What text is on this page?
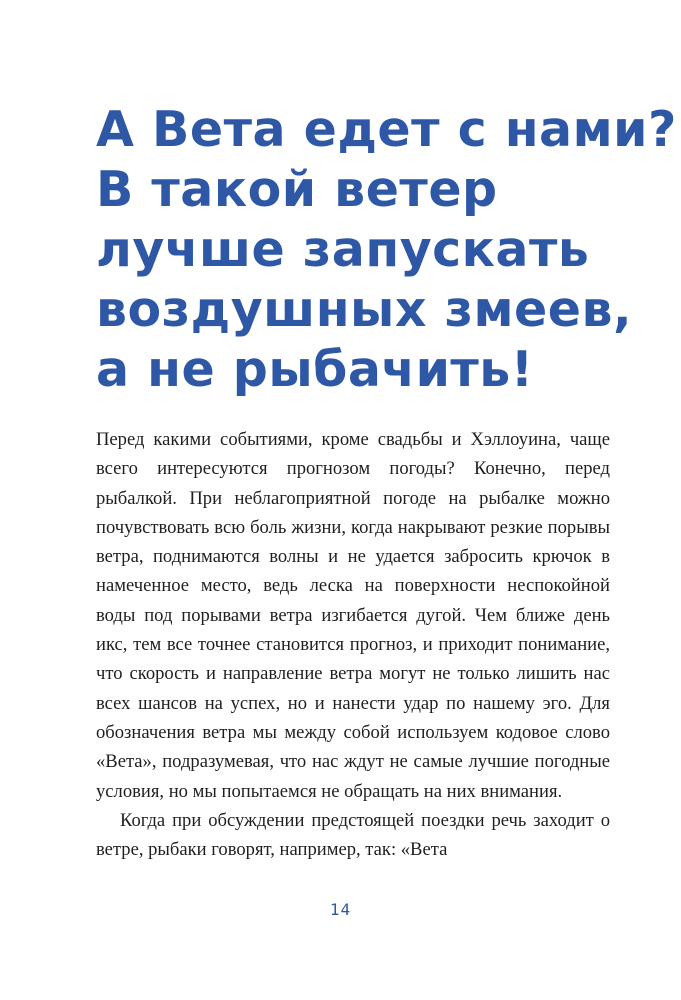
А Вета едет с нами?
В такой ветер
лучше запускать
воздушных змеев,
а не рыбачить!

Перед какими событиями, кроме свадьбы и Хэллоуина, чаще всего интересуются прогнозом погоды? Конечно, перед рыбалкой. При неблагоприятной погоде на рыбалке можно почувствовать всю боль жизни, когда накрывают резкие порывы ветра, поднимаются волны и не удается забросить крючок в намеченное место, ведь леска на поверхности неспокойной воды под порывами ветра изгибается дугой. Чем ближе день икс, тем все точнее становится прогноз, и приходит понимание, что скорость и направление ветра могут не только лишить нас всех шансов на успех, но и нанести удар по нашему эго. Для обозначения ветра мы между собой используем кодовое слово «Вета», подразумевая, что нас ждут не самые лучшие погодные условия, но мы попытаемся не обращать на них внимания.

Когда при обсуждении предстоящей поездки речь заходит о ветре, рыбаки говорят, например, так: «Вета

14
